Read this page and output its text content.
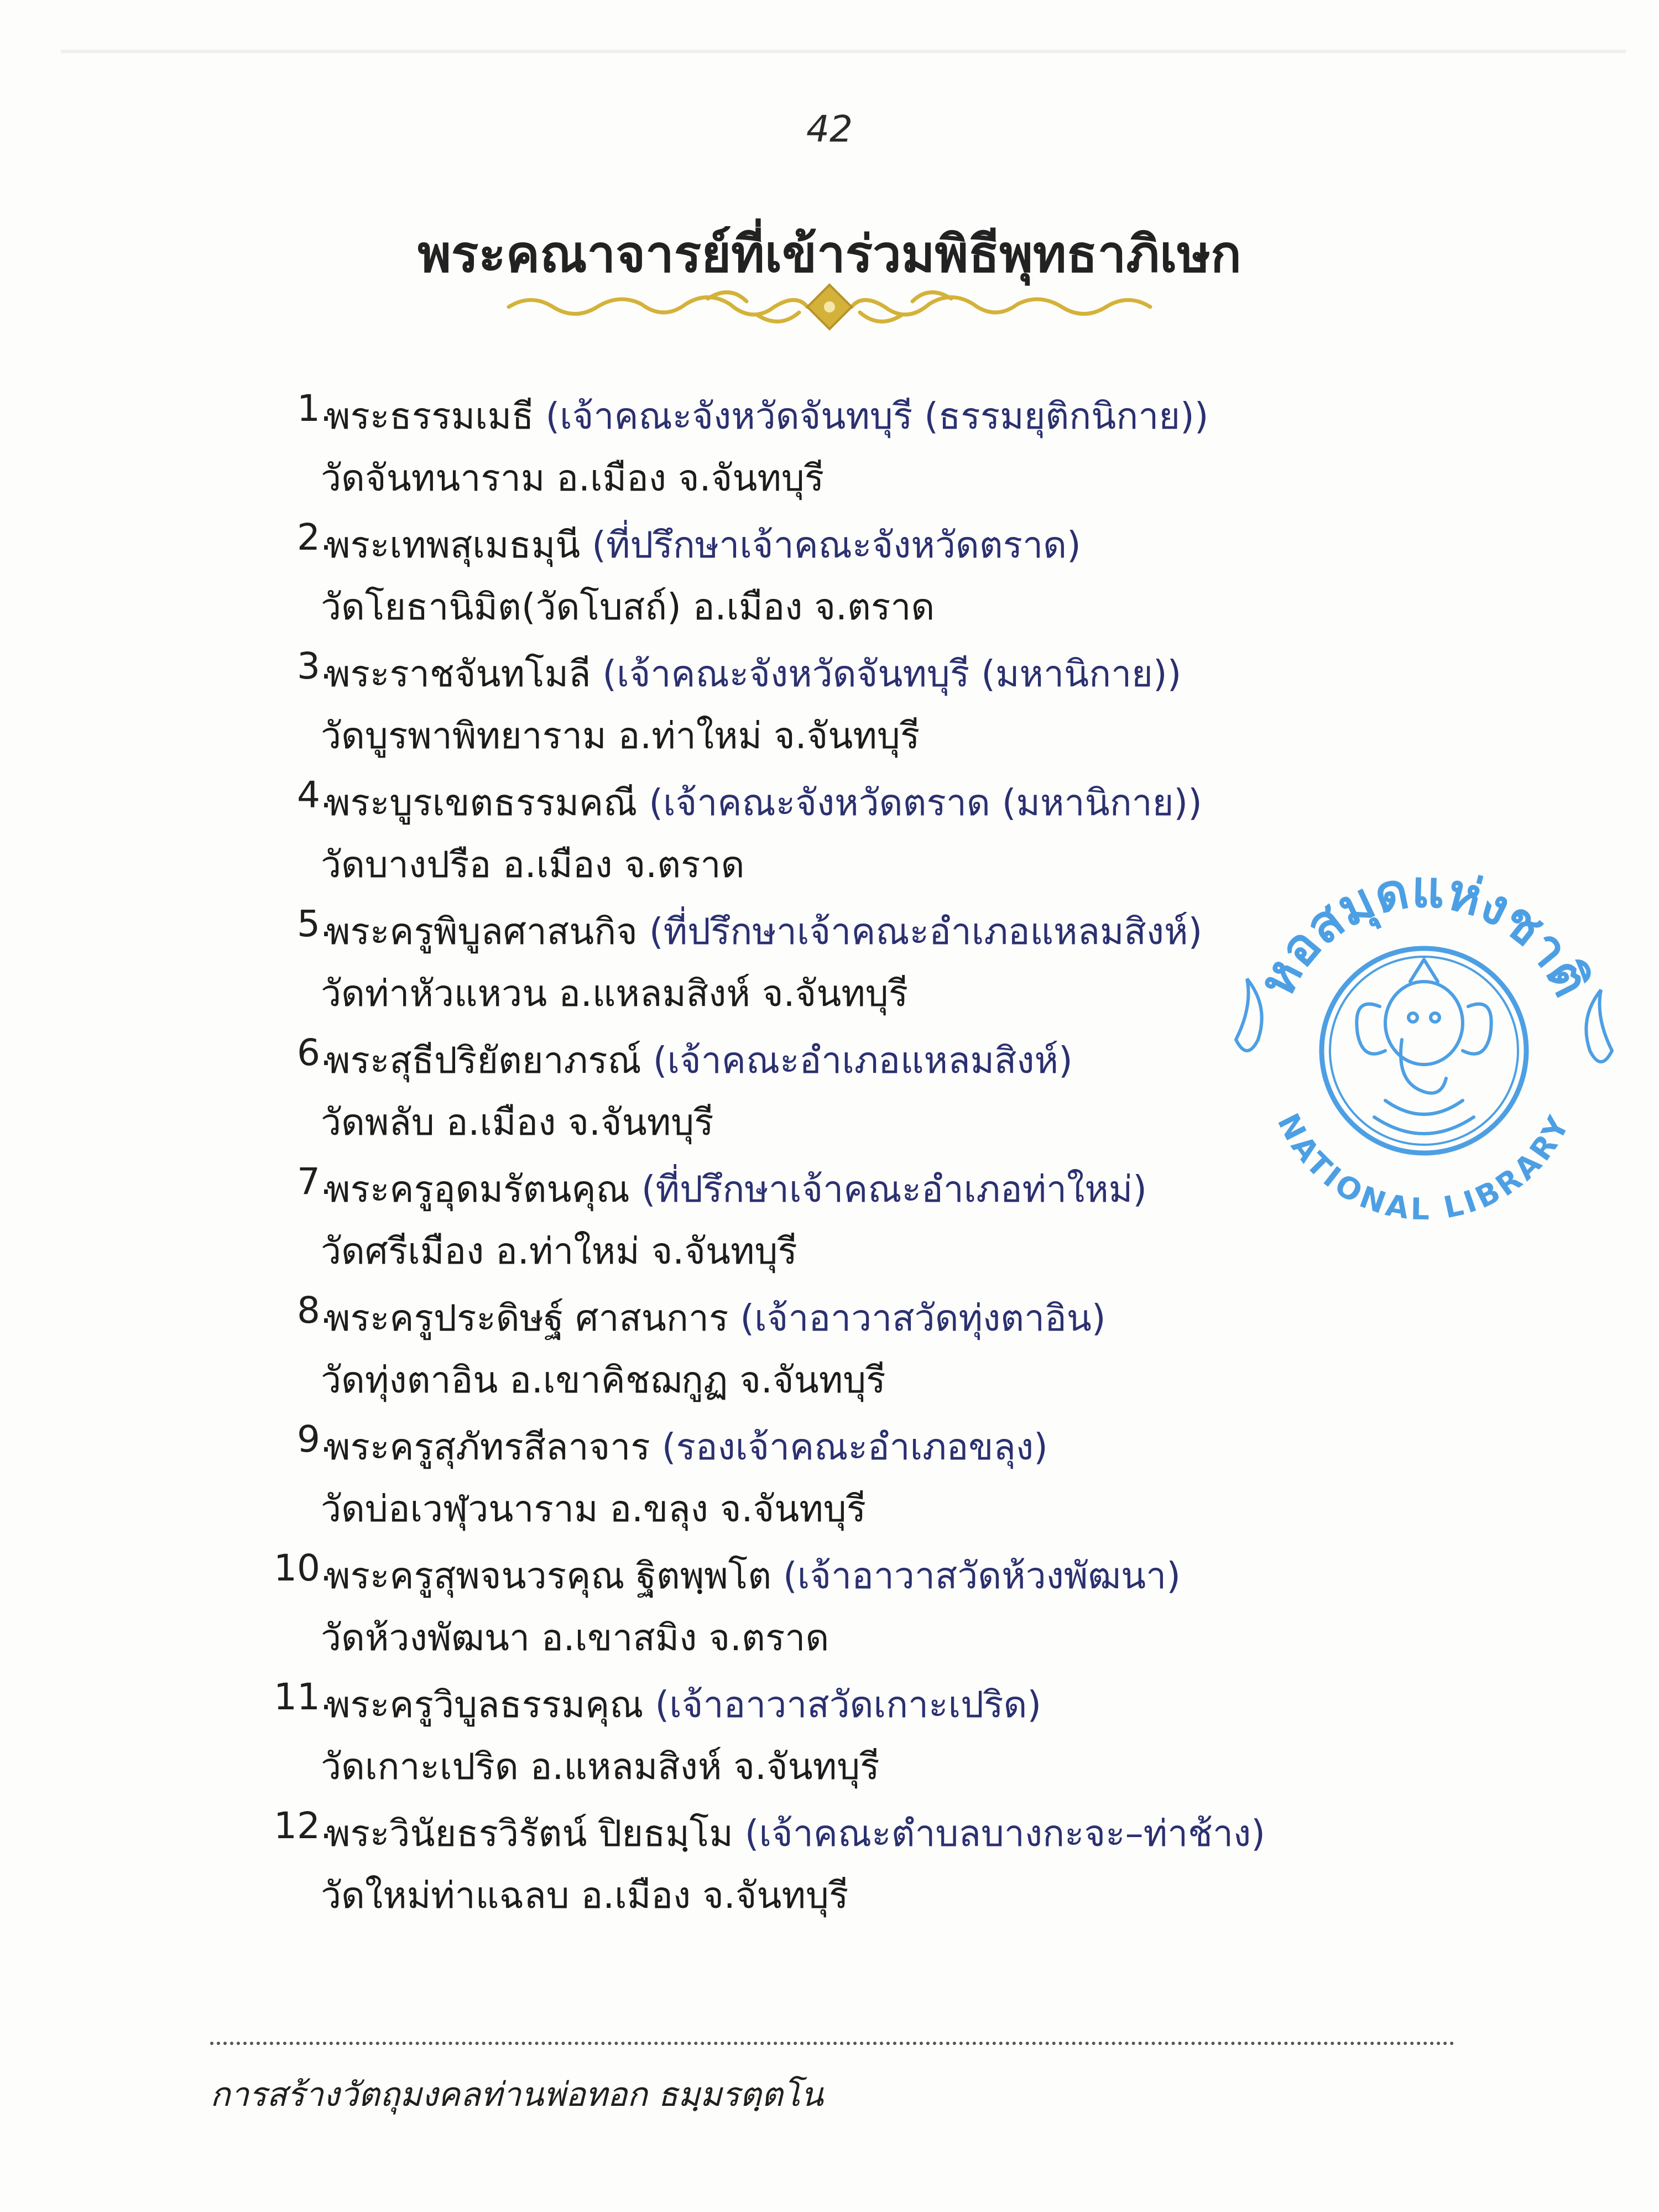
42
พระคณาจารย์ที่เข้าร่วมพิธีพุทธาภิเษก
1.
พระธรรมเมธี (เจ้าคณะจังหวัดจันทบุรี (ธรรมยุติกนิกาย))
วัดจันทนาราม อ.เมือง จ.จันทบุรี
2.
พระเทพสุเมธมุนี (ที่ปรึกษาเจ้าคณะจังหวัดตราด)
วัดโยธานิมิต(วัดโบสถ์) อ.เมือง จ.ตราด
3.
พระราชจันทโมลี (เจ้าคณะจังหวัดจันทบุรี (มหานิกาย))
วัดบูรพาพิทยาราม อ.ท่าใหม่ จ.จันทบุรี
4.
พระบูรเขตธรรมคณี (เจ้าคณะจังหวัดตราด (มหานิกาย))
วัดบางปรือ อ.เมือง จ.ตราด
5.
พระครูพิบูลศาสนกิจ (ที่ปรึกษาเจ้าคณะอำเภอแหลมสิงห์)
วัดท่าหัวแหวน อ.แหลมสิงห์ จ.จันทบุรี
6.
พระสุธีปริยัตยาภรณ์ (เจ้าคณะอำเภอแหลมสิงห์)
วัดพลับ อ.เมือง จ.จันทบุรี
7.
พระครูอุดมรัตนคุณ (ที่ปรึกษาเจ้าคณะอำเภอท่าใหม่)
วัดศรีเมือง อ.ท่าใหม่ จ.จันทบุรี
8.
พระครูประดิษฐ์ ศาสนการ (เจ้าอาวาสวัดทุ่งตาอิน)
วัดทุ่งตาอิน อ.เขาคิชฌกูฏ จ.จันทบุรี
9.
พระครูสุภัทรสีลาจาร (รองเจ้าคณะอำเภอขลุง)
วัดบ่อเวฬุวนาราม อ.ขลุง จ.จันทบุรี
10.
พระครูสุพจนวรคุณ ฐิตพฺพโต (เจ้าอาวาสวัดห้วงพัฒนา)
วัดห้วงพัฒนา อ.เขาสมิง จ.ตราด
11.
พระครูวิบูลธรรมคุณ (เจ้าอาวาสวัดเกาะเปริด)
วัดเกาะเปริด อ.แหลมสิงห์ จ.จันทบุรี
12.
พระวินัยธรวิรัตน์ ปิยธมฺโม (เจ้าคณะตำบลบางกะจะ–ท่าช้าง)
วัดใหม่ท่าแฉลบ อ.เมือง จ.จันทบุรี
หอสมุดแห่งชาติ
NATIONAL LIBRARY
การสร้างวัตถุมงคลท่านพ่อทอก ธมฺมรตฺตโน
